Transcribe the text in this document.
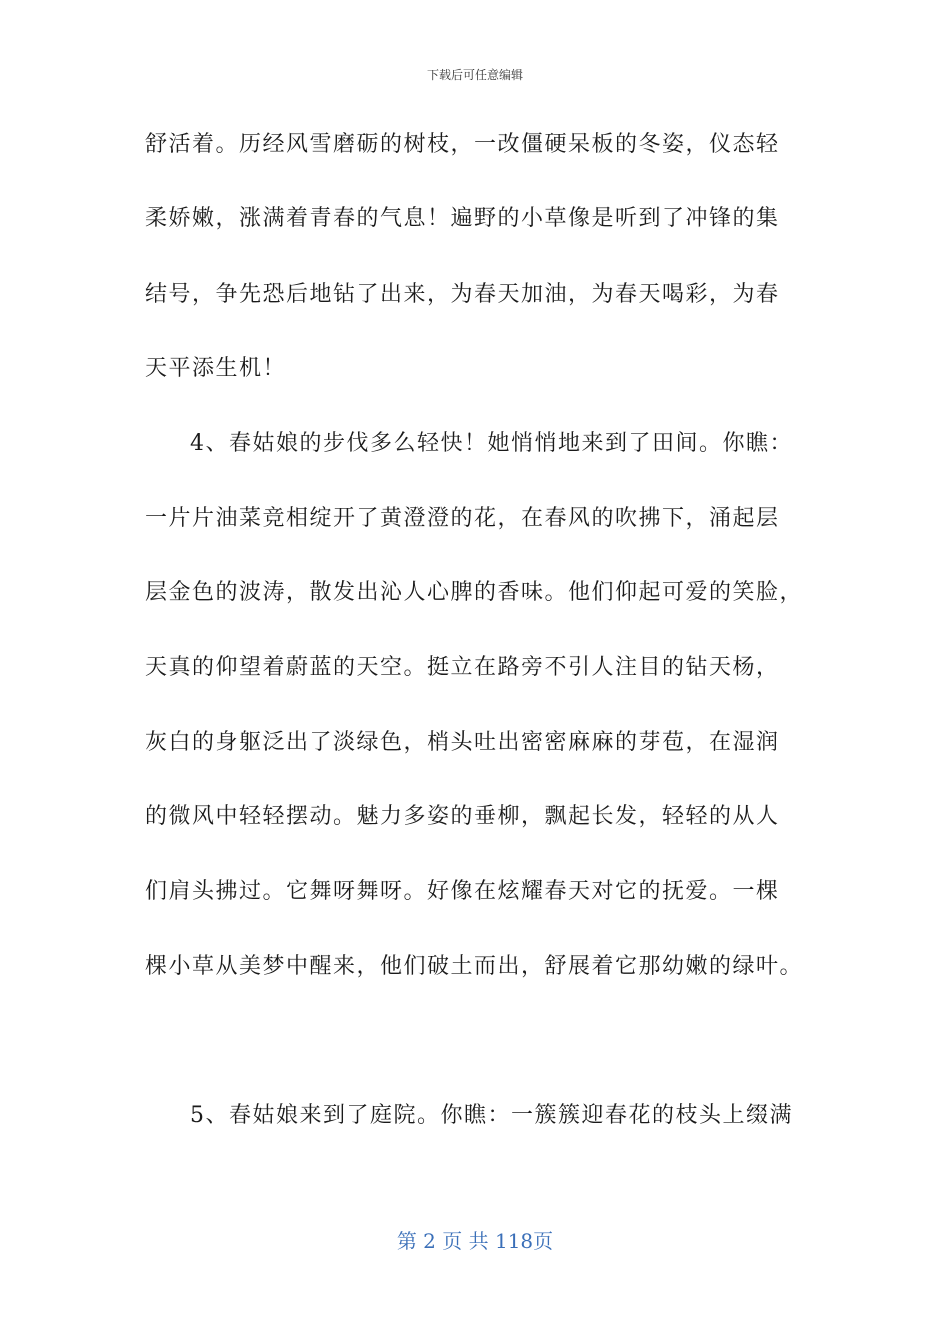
下载后可任意编辑
舒活着。历经风雪磨砺的树枝，一改僵硬呆板的冬姿，仪态轻
柔娇嫩，涨满着青春的气息！遍野的小草像是听到了冲锋的集
结号，争先恐后地钻了出来，为春天加油，为春天喝彩，为春
天平添生机！
4、春姑娘的步伐多么轻快！她悄悄地来到了田间。你瞧：
一片片油菜竞相绽开了黄澄澄的花，在春风的吹拂下，涌起层
层金色的波涛，散发出沁人心脾的香味。他们仰起可爱的笑脸，
天真的仰望着蔚蓝的天空。挺立在路旁不引人注目的钻天杨，
灰白的身躯泛出了淡绿色，梢头吐出密密麻麻的芽苞，在湿润
的微风中轻轻摆动。魅力多姿的垂柳，飘起长发，轻轻的从人
们肩头拂过。它舞呀舞呀。好像在炫耀春天对它的抚爱。一棵
棵小草从美梦中醒来，他们破土而出，舒展着它那幼嫩的绿叶。
5、春姑娘来到了庭院。你瞧：一簇簇迎春花的枝头上缀满
第 2 页 共 118页
